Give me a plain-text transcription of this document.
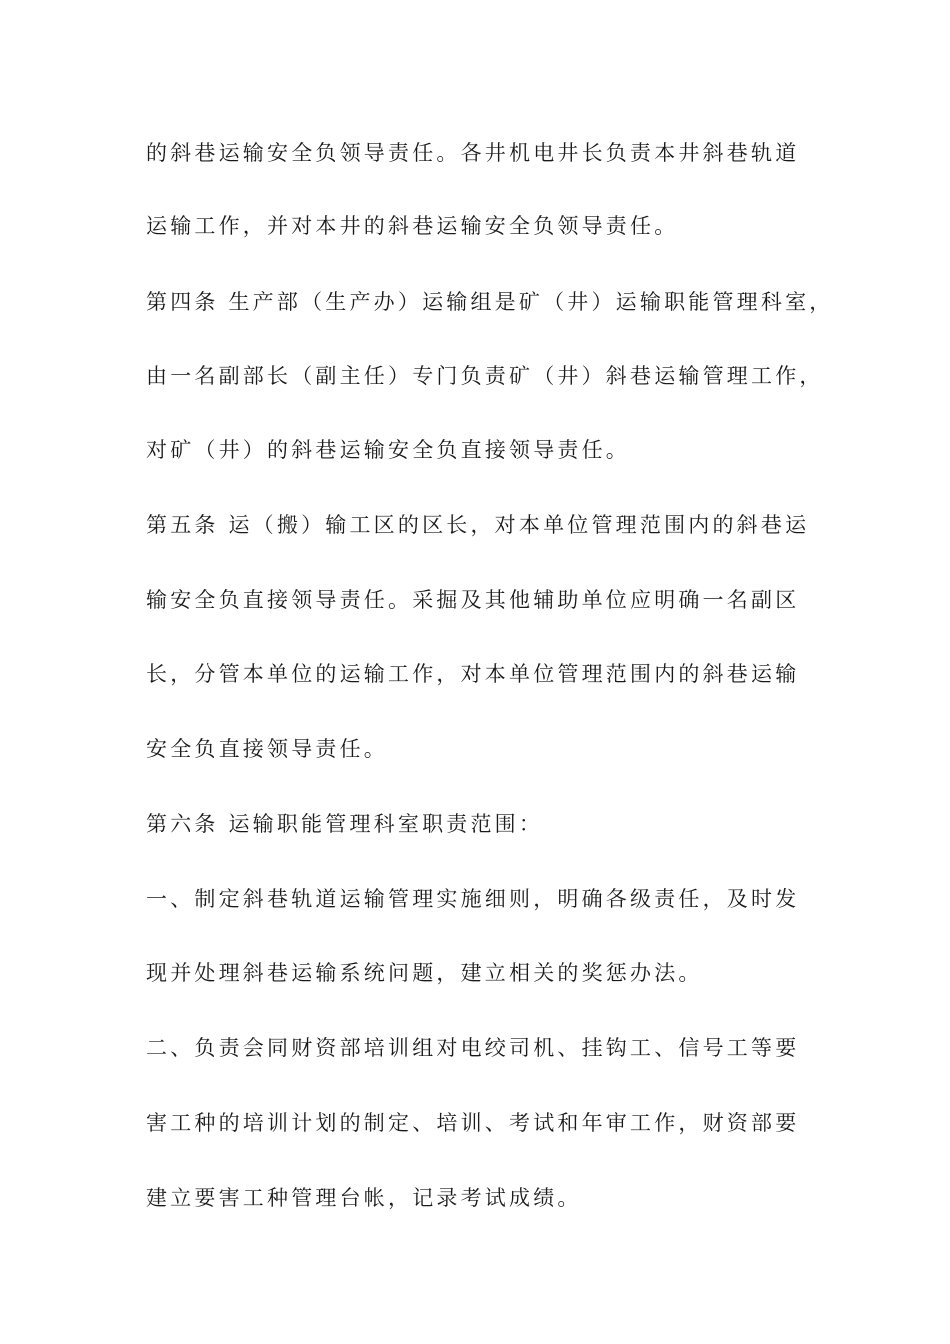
的斜巷运输安全负领导责任。各井机电井长负责本井斜巷轨道
运输工作，并对本井的斜巷运输安全负领导责任。
第四条 生产部（生产办）运输组是矿（井）运输职能管理科室，
由一名副部长（副主任）专门负责矿（井）斜巷运输管理工作，
对矿（井）的斜巷运输安全负直接领导责任。
第五条 运（搬）输工区的区长，对本单位管理范围内的斜巷运
输安全负直接领导责任。采掘及其他辅助单位应明确一名副区
长，分管本单位的运输工作，对本单位管理范围内的斜巷运输
安全负直接领导责任。
第六条 运输职能管理科室职责范围：
一、制定斜巷轨道运输管理实施细则，明确各级责任，及时发
现并处理斜巷运输系统问题，建立相关的奖惩办法。
二、负责会同财资部培训组对电绞司机、挂钩工、信号工等要
害工种的培训计划的制定、培训、考试和年审工作，财资部要
建立要害工种管理台帐，记录考试成绩。
